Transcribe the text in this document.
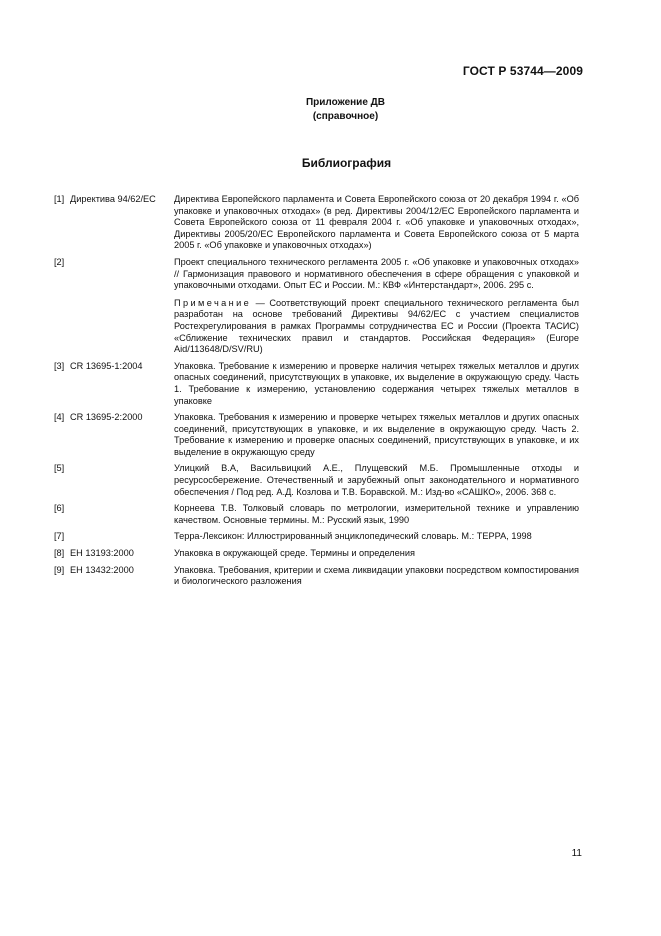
ГОСТ Р 53744—2009
Приложение ДВ
(справочное)
Библиография
[1] Директива 94/62/ЕС	Директива Европейского парламента и Совета Европейского союза от 20 декабря 1994 г. «Об упаковке и упаковочных отходах» (в ред. Директивы 2004/12/ЕС Европейского парламента и Совета Европейского союза от 11 февраля 2004 г. «Об упаковке и упаковочных отходах», Директивы 2005/20/ЕС Европейского парламента и Совета Европейского союза от 5 марта 2005 г. «Об упаковке и упаковочных отходах»)

[2]	Проект специального технического регламента 2005 г. «Об упаковке и упаковочных отходах» // Гармонизация правового и нормативного обеспечения в сфере обращения с упаковкой и упаковочными отходами. Опыт ЕС и России. М.: КВФ «Интерстандарт», 2006. 295 с.

Примечание — Соответствующий проект специального технического регламента был разработан на основе требований Директивы 94/62/ЕС с участием специалистов Ростехрегулирования в рамках Программы сотрудничества ЕС и России (Проекта ТАСИС) «Сближение технических правил и стандартов. Российская Федерация» (Europe Aid/113648/D/SV/RU)

[3] CR 13695-1:2004	Упаковка. Требование к измерению и проверке наличия четырех тяжелых металлов и других опасных соединений, присутствующих в упаковке, их выделение в окружающую среду. Часть 1. Требование к измерению, установлению содержания четырех тяжелых металлов в упаковке

[4] CR 13695-2:2000	Упаковка. Требования к измерению и проверке четырех тяжелых металлов и других опасных соединений, присутствующих в упаковке, и их выделение в окружающую среду. Часть 2. Требование к измерению и проверке опасных соединений, присутствующих в упаковке, и их выделение в окружающую среду

[5]	Улицкий В.А, Васильвицкий А.Е., Плущевский М.Б. Промышленные отходы и ресурсосбережение. Отечественный и зарубежный опыт законодательного и нормативного обеспечения / Под ред. А.Д. Козлова и Т.В. Боравской. М.: Изд-во «САШКО», 2006. 368 с.

[6]	Корнеева Т.В. Толковый словарь по метрологии, измерительной технике и управлению качеством. Основные термины. М.: Русский язык, 1990

[7]	Терра-Лексикон: Иллюстрированный энциклопедический словарь. М.: ТЕРРА, 1998

[8] ЕН 13193:2000	Упаковка в окружающей среде. Термины и определения

[9] ЕН 13432:2000	Упаковка. Требования, критерии и схема ликвидации упаковки посредством компостирования и биологического разложения

11
